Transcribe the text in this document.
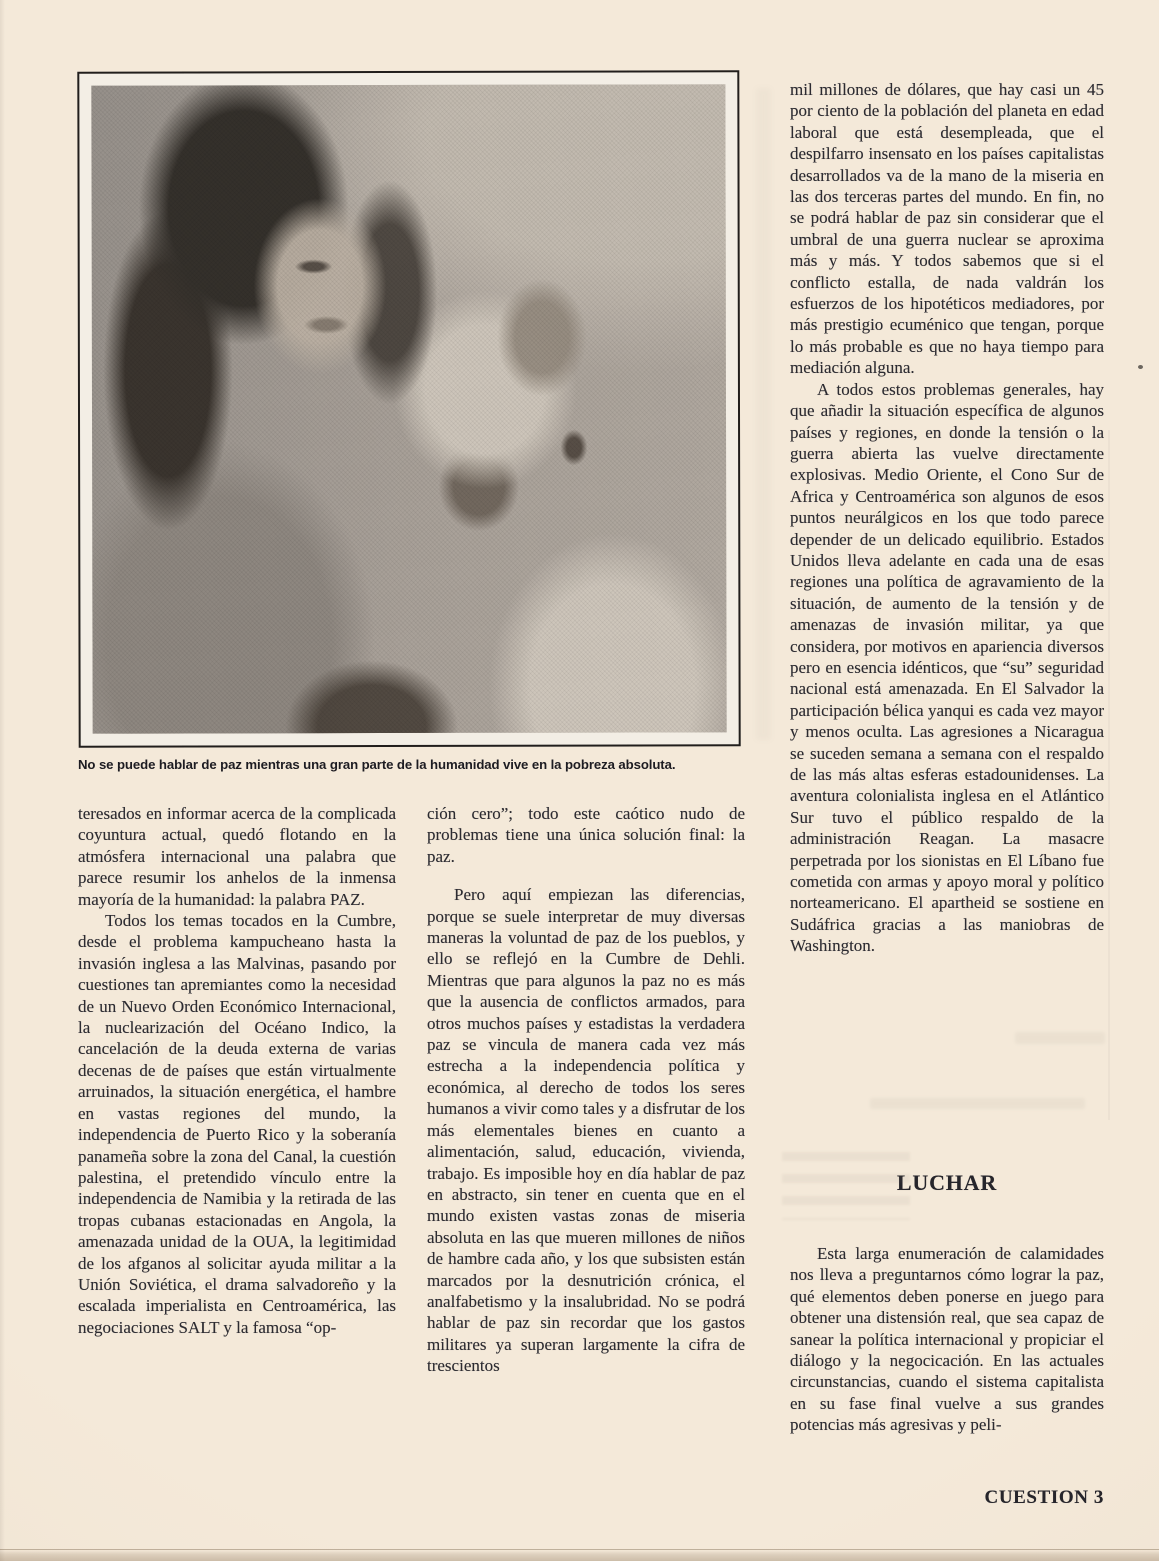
No se puede hablar de paz mientras una gran parte de la humanidad vive en la pobreza absoluta.

teresados en informar acerca de la complicada coyuntura actual, quedó flotando en la atmósfera internacional una palabra que parece resumir los anhelos de la inmensa mayoría de la humanidad: la palabra PAZ.

Todos los temas tocados en la Cumbre, desde el problema kampucheano hasta la invasión inglesa a las Malvinas, pasando por cuestiones tan apremiantes como la necesidad de un Nuevo Orden Económico Internacional, la nuclearización del Océano Indico, la cancelación de la deuda externa de varias decenas de de países que están virtualmente arruinados, la situación energética, el hambre en vastas regiones del mundo, la independencia de Puerto Rico y la soberanía panameña sobre la zona del Canal, la cuestión palestina, el pretendido vínculo entre la independencia de Namibia y la retirada de las tropas cubanas estacionadas en Angola, la amenazada unidad de la OUA, la legitimidad de los afganos al solicitar ayuda militar a la Unión Soviética, el drama salvadoreño y la escalada imperialista en Centroamérica, las negociaciones SALT y la famosa “op-

ción cero”; todo este caótico nudo de problemas tiene una única solución final: la paz.

Pero aquí empiezan las diferencias, porque se suele interpretar de muy diversas maneras la voluntad de paz de los pueblos, y ello se reflejó en la Cumbre de Dehli. Mientras que para algunos la paz no es más que la ausencia de conflictos armados, para otros muchos países y estadistas la verdadera paz se vincula de manera cada vez más estrecha a la independencia política y económica, al derecho de todos los seres humanos a vivir como tales y a disfrutar de los más elementales bienes en cuanto a alimentación, salud, educación, vivienda, trabajo. Es imposible hoy en día hablar de paz en abstracto, sin tener en cuenta que en el mundo existen vastas zonas de miseria absoluta en las que mueren millones de niños de hambre cada año, y los que subsisten están marcados por la desnutrición crónica, el analfabetismo y la insalubridad. No se podrá hablar de paz sin recordar que los gastos militares ya superan largamente la cifra de trescientos

mil millones de dólares, que hay casi un 45 por ciento de la población del planeta en edad laboral que está desempleada, que el despilfarro insensato en los países capitalistas desarrollados va de la mano de la miseria en las dos terceras partes del mundo. En fin, no se podrá hablar de paz sin considerar que el umbral de una guerra nuclear se aproxima más y más. Y todos sabemos que si el conflicto estalla, de nada valdrán los esfuerzos de los hipotéticos mediadores, por más prestigio ecuménico que tengan, porque lo más probable es que no haya tiempo para mediación alguna.

A todos estos problemas generales, hay que añadir la situación específica de algunos países y regiones, en donde la tensión o la guerra abierta las vuelve directamente explosivas. Medio Oriente, el Cono Sur de Africa y Centroamérica son algunos de esos puntos neurálgicos en los que todo parece depender de un delicado equilibrio. Estados Unidos lleva adelante en cada una de esas regiones una política de agravamiento de la situación, de aumento de la tensión y de amenazas de invasión militar, ya que considera, por motivos en apariencia diversos pero en esencia idénticos, que “su” seguridad nacional está amenazada. En El Salvador la participación bélica yanqui es cada vez mayor y menos oculta. Las agresiones a Nicaragua se suceden semana a semana con el respaldo de las más altas esferas estadounidenses. La aventura colonialista inglesa en el Atlántico Sur tuvo el público respaldo de la administración Reagan. La masacre perpetrada por los sionistas en El Líbano fue cometida con armas y apoyo moral y político norteamericano. El apartheid se sostiene en Sudáfrica gracias a las maniobras de Washington.

LUCHAR

Esta larga enumeración de calamidades nos lleva a preguntarnos cómo lograr la paz, qué elementos deben ponerse en juego para obtener una distensión real, que sea capaz de sanear la política internacional y propiciar el diálogo y la negocicación. En las actuales circunstancias, cuando el sistema capitalista en su fase final vuelve a sus grandes potencias más agresivas y peli-

CUESTION 3
